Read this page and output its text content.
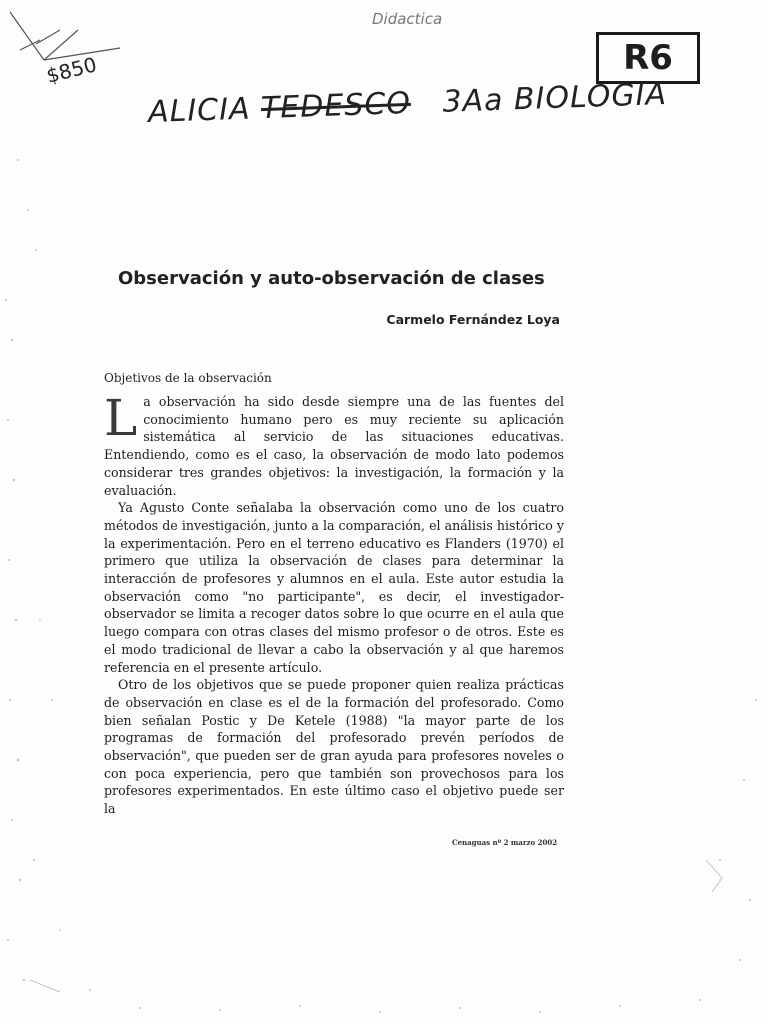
Didactica
$850	R6
ALICIA TEDESCO 3Aa BIOLOGIA
Observación y auto-observación de clases
Carmelo Fernández Loya
Objetivos de la observación

La observación ha sido desde siempre una de las fuentes del conocimiento humano pero es muy reciente su aplicación sistemática al servicio de las situaciones educativas. Entendiendo, como es el caso, la observación de modo lato podemos considerar tres grandes objetivos: la investigación, la formación y la evaluación.

Ya Agusto Conte señalaba la observación como uno de los cuatro métodos de investigación, junto a la comparación, el análisis histórico y la experimentación. Pero en el terreno educativo es Flanders (1970) el primero que utiliza la observación de clases para determinar la interacción de profesores y alumnos en el aula. Este autor estudia la observación como "no participante", es decir, el investigador-observador se limita a recoger datos sobre lo que ocurre en el aula que luego compara con otras clases del mismo profesor o de otros. Este es el modo tradicional de llevar a cabo la observación y al que haremos referencia en el presente artículo.

Otro de los objetivos que se puede proponer quien realiza prácticas de observación en clase es el de la formación del profesorado. Como bien señalan Postic y De Ketele (1988) "la mayor parte de los programas de formación del profesorado prevén períodos de observación", que pueden ser de gran ayuda para profesores noveles o con poca experiencia, pero que también son provechosos para los profesores experimentados. En este último caso el objetivo puede ser la

Cenaguas nº 2 marzo 2002
